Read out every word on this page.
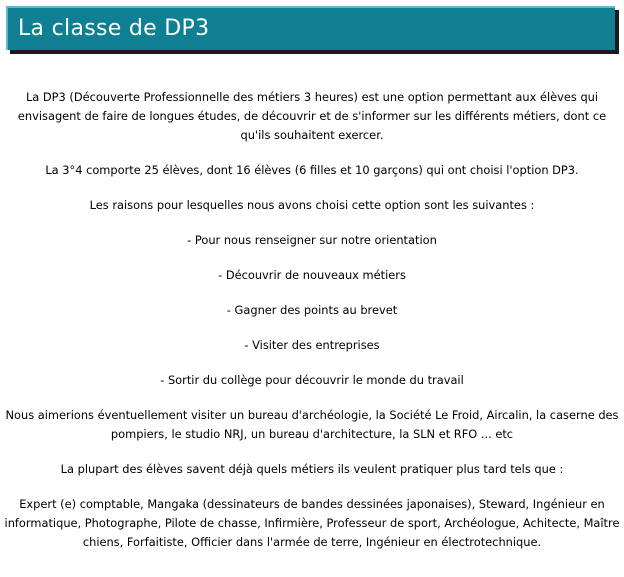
La classe de DP3

La DP3 (Découverte Professionnelle des métiers 3 heures) est une option permettant aux élèves qui envisagent de faire de longues études, de découvrir et de s'informer sur les différents métiers, dont ce qu'ils souhaitent exercer.

La 3°4 comporte 25 élèves, dont 16 élèves (6 filles et 10 garçons) qui ont choisi l'option DP3.

Les raisons pour lesquelles nous avons choisi cette option sont les suivantes :

- Pour nous renseigner sur notre orientation

- Découvrir de nouveaux métiers

- Gagner des points au brevet

- Visiter des entreprises

- Sortir du collège pour découvrir le monde du travail

Nous aimerions éventuellement visiter un bureau d'archéologie, la Société Le Froid, Aircalin, la caserne des pompiers, le studio NRJ, un bureau d'architecture, la SLN et RFO ... etc

La plupart des élèves savent déjà quels métiers ils veulent pratiquer plus tard tels que :

Expert (e) comptable, Mangaka (dessinateurs de bandes dessinées japonaises), Steward, Ingénieur en informatique, Photographe, Pilote de chasse, Infirmière, Professeur de sport, Archéologue, Achitecte, Maître chiens, Forfaitiste, Officier dans l'armée de terre, Ingénieur en électrotechnique.
